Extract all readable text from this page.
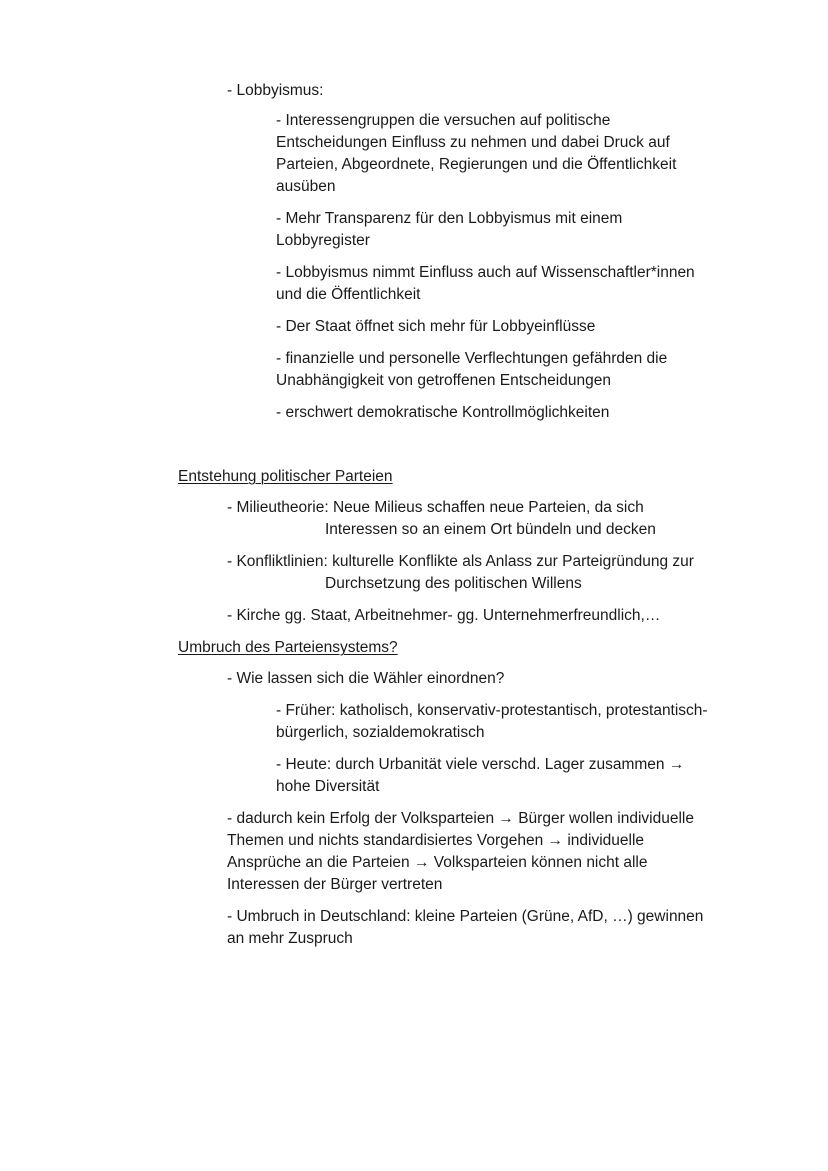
- Lobbyismus:

- Interessengruppen die versuchen auf politische

Entscheidungen Einfluss zu nehmen und dabei Druck auf

Parteien, Abgeordnete, Regierungen und die Öffentlichkeit

ausüben

- Mehr Transparenz für den Lobbyismus mit einem

Lobbyregister

- Lobbyismus nimmt Einfluss auch auf Wissenschaftler*innen

und die Öffentlichkeit

- Der Staat öffnet sich mehr für Lobbyeinflüsse

- finanzielle und personelle Verflechtungen gefährden die

Unabhängigkeit von getroffenen Entscheidungen

- erschwert demokratische Kontrollmöglichkeiten

Entstehung politischer Parteien

- Milieutheorie: Neue Milieus schaffen neue Parteien, da sich

Interessen so an einem Ort bündeln und decken

- Konfliktlinien: kulturelle Konflikte als Anlass zur Parteigründung zur

Durchsetzung des politischen Willens

- Kirche gg. Staat, Arbeitnehmer- gg. Unternehmerfreundlich,…

Umbruch des Parteiensystems?

- Wie lassen sich die Wähler einordnen?

- Früher: katholisch, konservativ-protestantisch, protestantisch-

bürgerlich, sozialdemokratisch

- Heute: durch Urbanität viele verschd. Lager zusammen →

hohe Diversität

- dadurch kein Erfolg der Volksparteien → Bürger wollen individuelle

Themen und nichts standardisiertes Vorgehen → individuelle

Ansprüche an die Parteien → Volksparteien können nicht alle

Interessen der Bürger vertreten

- Umbruch in Deutschland: kleine Parteien (Grüne, AfD, …) gewinnen

an mehr Zuspruch
